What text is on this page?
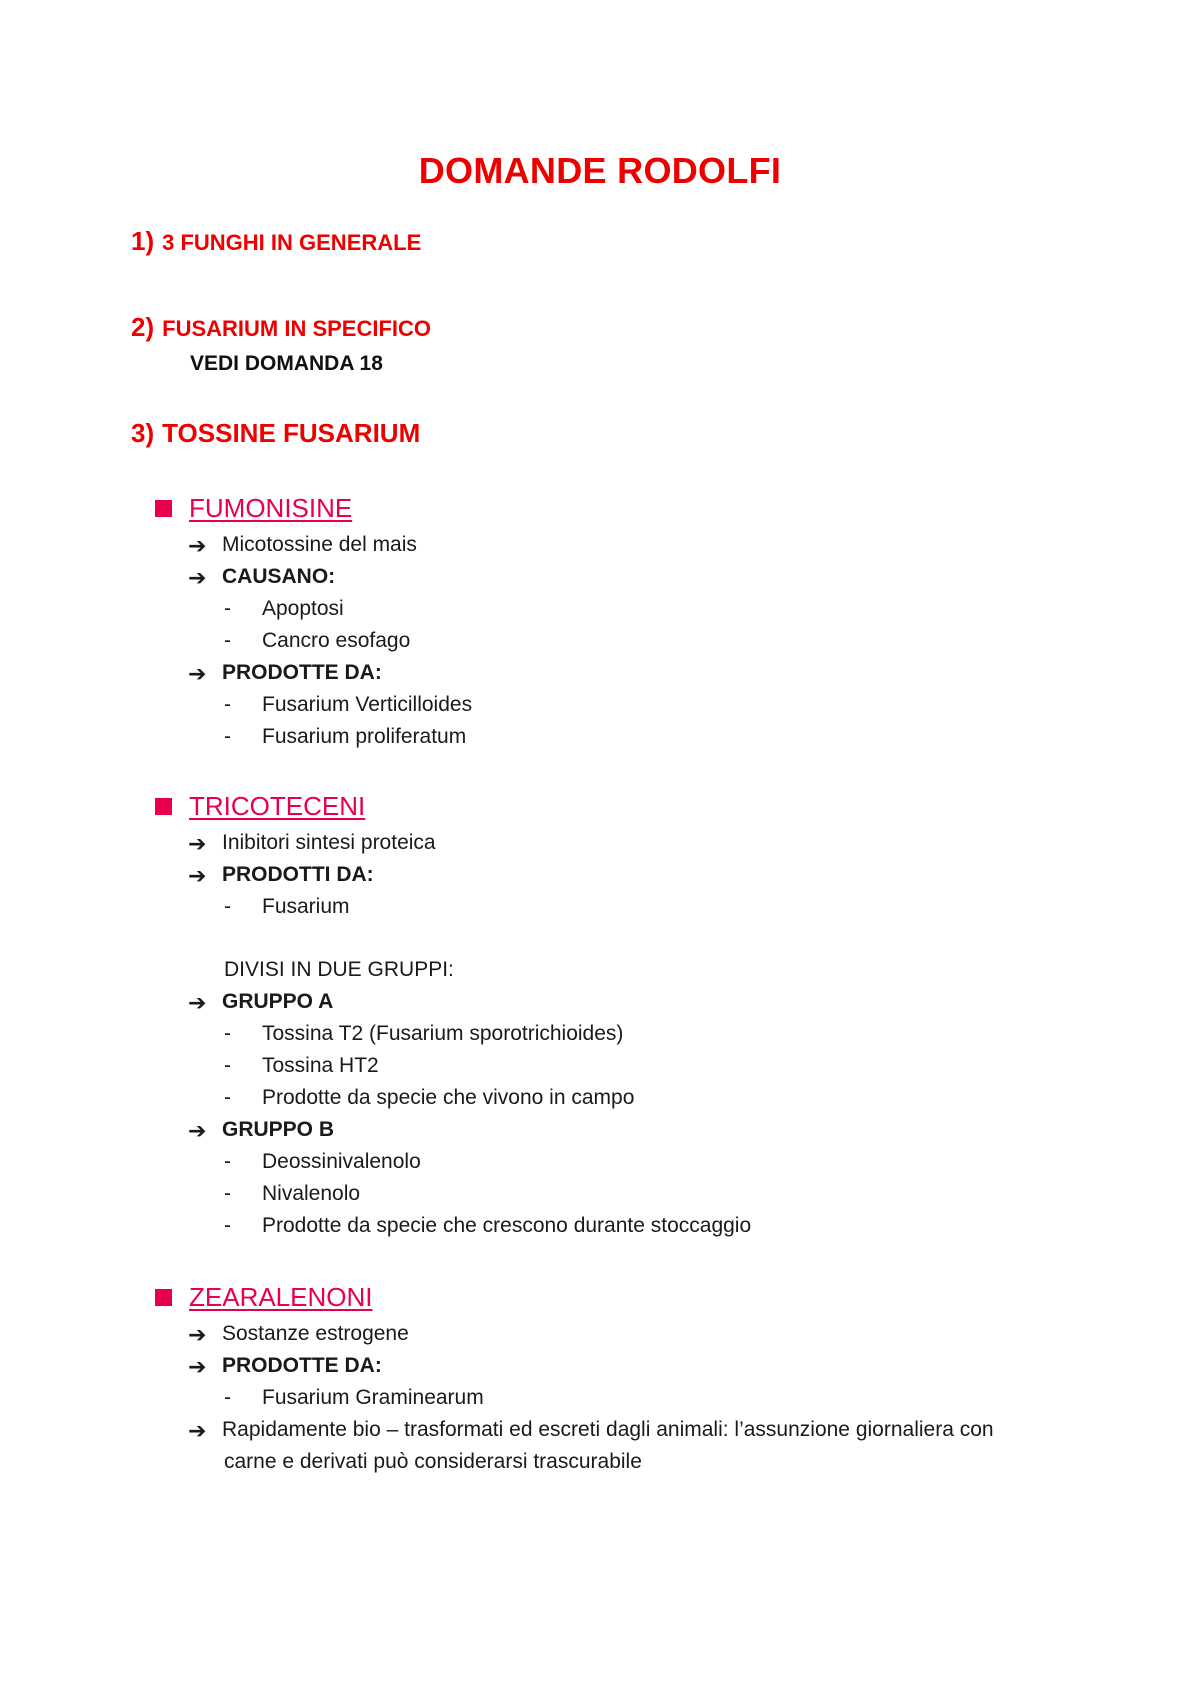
DOMANDE RODOLFI
1) 3 FUNGHI IN GENERALE
2) FUSARIUM IN SPECIFICO
VEDI DOMANDA 18
3) TOSSINE FUSARIUM
FUMONISINE
➔ Micotossine del mais
➔ CAUSANO:
- Apoptosi
- Cancro esofago
➔ PRODOTTE DA:
- Fusarium Verticilloides
- Fusarium proliferatum
TRICOTECENI
➔ Inibitori sintesi proteica
➔ PRODOTTI DA:
- Fusarium
DIVISI IN DUE GRUPPI:
➔ GRUPPO A
- Tossina T2 (Fusarium sporotrichioides)
- Tossina HT2
- Prodotte da specie che vivono in campo
➔ GRUPPO B
- Deossinivalenolo
- Nivalenolo
- Prodotte da specie che crescono durante stoccaggio
ZEARALENONI
➔ Sostanze estrogene
➔ PRODOTTE DA:
- Fusarium Graminearum
➔ Rapidamente bio – trasformati ed escreti dagli animali: l’assunzione giornaliera con
carne e derivati può considerarsi trascurabile
